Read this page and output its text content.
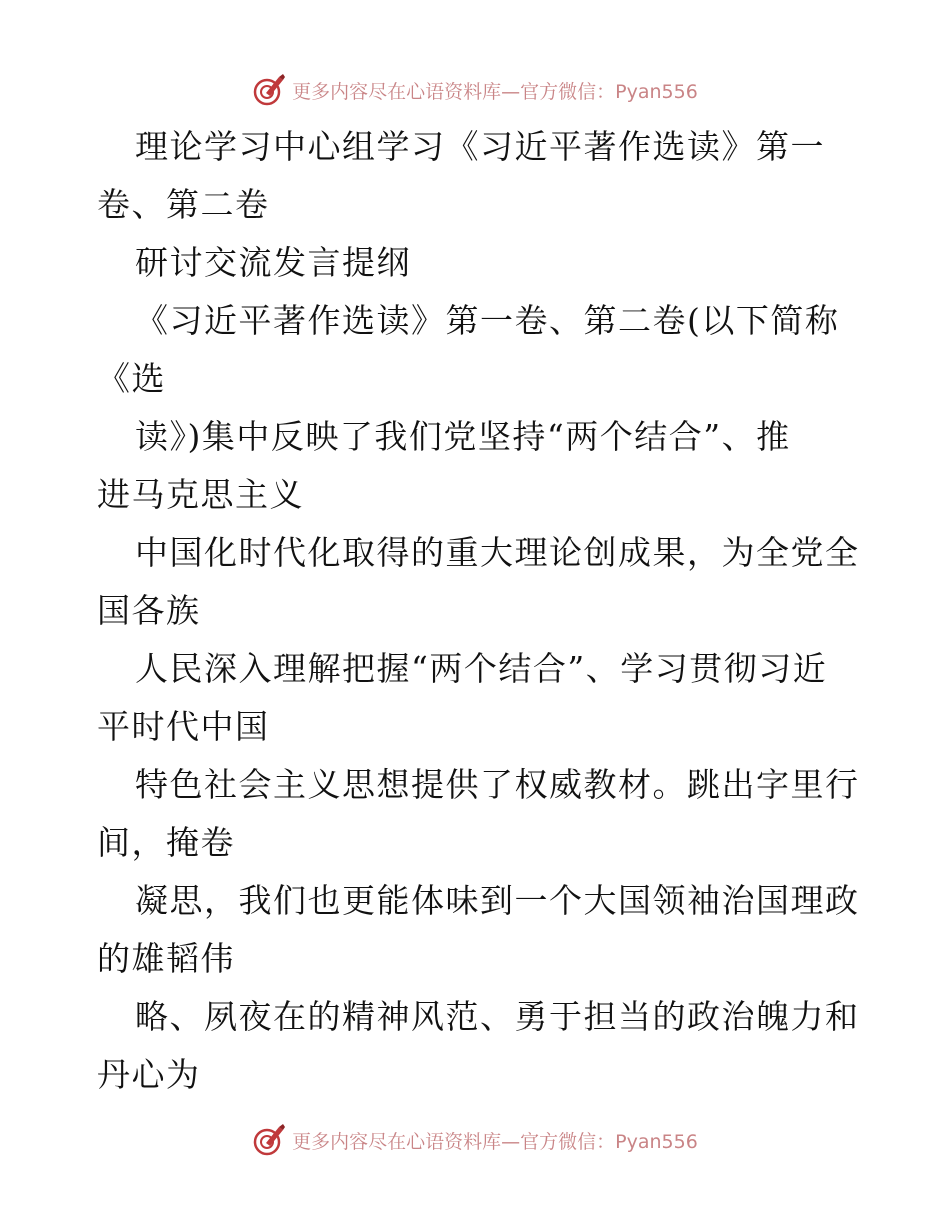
更多内容尽在心语资料库—官方微信：Pyan556
理论学习中心组学习《习近平著作选读》第一
卷、第二卷
研讨交流发言提纲
《习近平著作选读》第一卷、第二卷(以下简称
《选
读》)集中反映了我们党坚持“两个结合”、推
进马克思主义
中国化时代化取得的重大理论创成果，为全党全
国各族
人民深入理解把握“两个结合”、学习贯彻习近
平时代中国
特色社会主义思想提供了权威教材。跳出字里行
间，掩卷
凝思，我们也更能体味到一个大国领袖治国理政
的雄韬伟
略、夙夜在的精神风范、勇于担当的政治魄力和
丹心为
更多内容尽在心语资料库—官方微信：Pyan556
